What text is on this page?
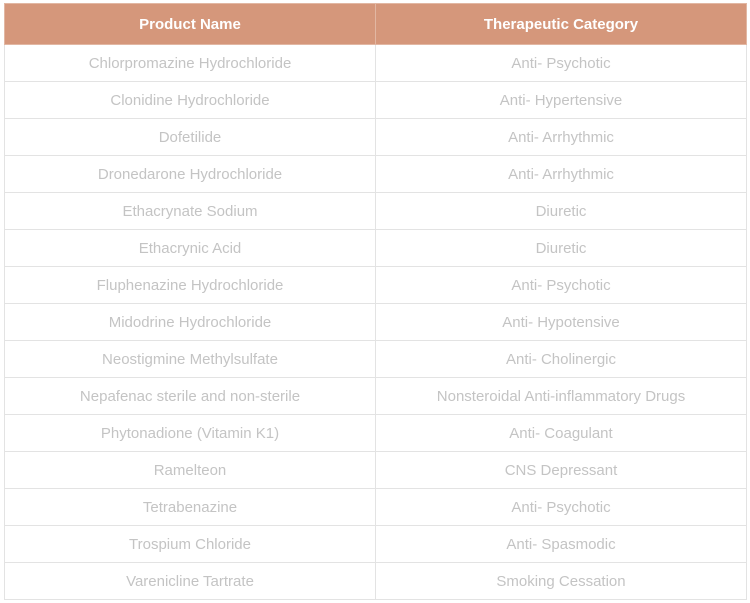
Product Name	Therapeutic Category
Chlorpromazine Hydrochloride	Anti- Psychotic
Clonidine Hydrochloride	Anti- Hypertensive
Dofetilide	Anti- Arrhythmic
Dronedarone Hydrochloride	Anti- Arrhythmic
Ethacrynate Sodium	Diuretic
Ethacrynic Acid	Diuretic
Fluphenazine Hydrochloride	Anti- Psychotic
Midodrine Hydrochloride	Anti- Hypotensive
Neostigmine Methylsulfate	Anti- Cholinergic
Nepafenac sterile and non-sterile	Nonsteroidal Anti-inflammatory Drugs
Phytonadione (Vitamin K1)	Anti- Coagulant
Ramelteon	CNS Depressant
Tetrabenazine	Anti- Psychotic
Trospium Chloride	Anti- Spasmodic
Varenicline Tartrate	Smoking Cessation
